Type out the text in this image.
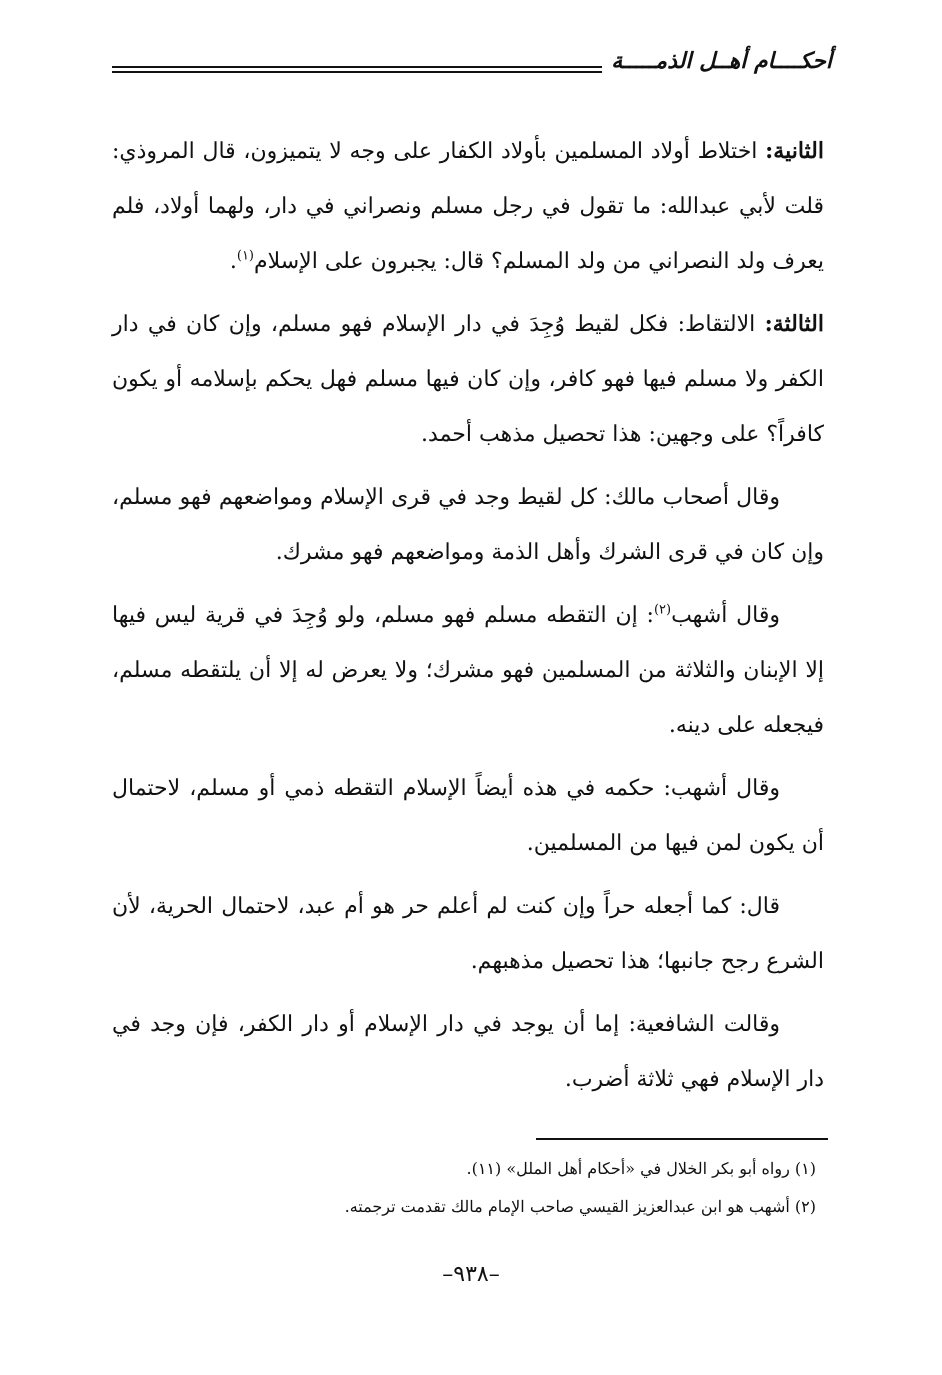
أحكــــام أهــل الذمـــــة

الثانية: اختلاط أولاد المسلمين بأولاد الكفار على وجه لا يتميزون، قال المروذي: قلت لأبي عبدالله: ما تقول في رجل مسلم ونصراني في دار، ولهما أولاد، فلم يعرف ولد النصراني من ولد المسلم؟ قال: يجبرون على الإسلام$^{(١)}$.

الثالثة: الالتقاط: فكل لقيط وُجِدَ في دار الإسلام فهو مسلم، وإن كان في دار الكفر ولا مسلم فيها فهو كافر، وإن كان فيها مسلم فهل يحكم بإسلامه أو يكون كافراً؟ على وجهين: هذا تحصيل مذهب أحمد.

وقال أصحاب مالك: كل لقيط وجد في قرى الإسلام ومواضعهم فهو مسلم، وإن كان في قرى الشرك وأهل الذمة ومواضعهم فهو مشرك.

وقال أشهب$^{(٢)}$: إن التقطه مسلم فهو مسلم، ولو وُجِدَ في قرية ليس فيها إلا الإبنان والثلاثة من المسلمين فهو مشرك؛ ولا يعرض له إلا أن يلتقطه مسلم، فيجعله على دينه.

وقال أشهب: حكمه في هذه أيضاً الإسلام التقطه ذمي أو مسلم، لاحتمال أن يكون لمن فيها من المسلمين.

قال: كما أجعله حراً وإن كنت لم أعلم حر هو أم عبد، لاحتمال الحرية، لأن الشرع رجح جانبها؛ هذا تحصيل مذهبهم.

وقالت الشافعية: إما أن يوجد في دار الإسلام أو دار الكفر، فإن وجد في دار الإسلام فهي ثلاثة أضرب.

(١) رواه أبو بكر الخلال في «أحكام أهل الملل» (١١).

(٢) أشهب هو ابن عبدالعزيز القيسي صاحب الإمام مالك تقدمت ترجمته.

–٩٣٨–
